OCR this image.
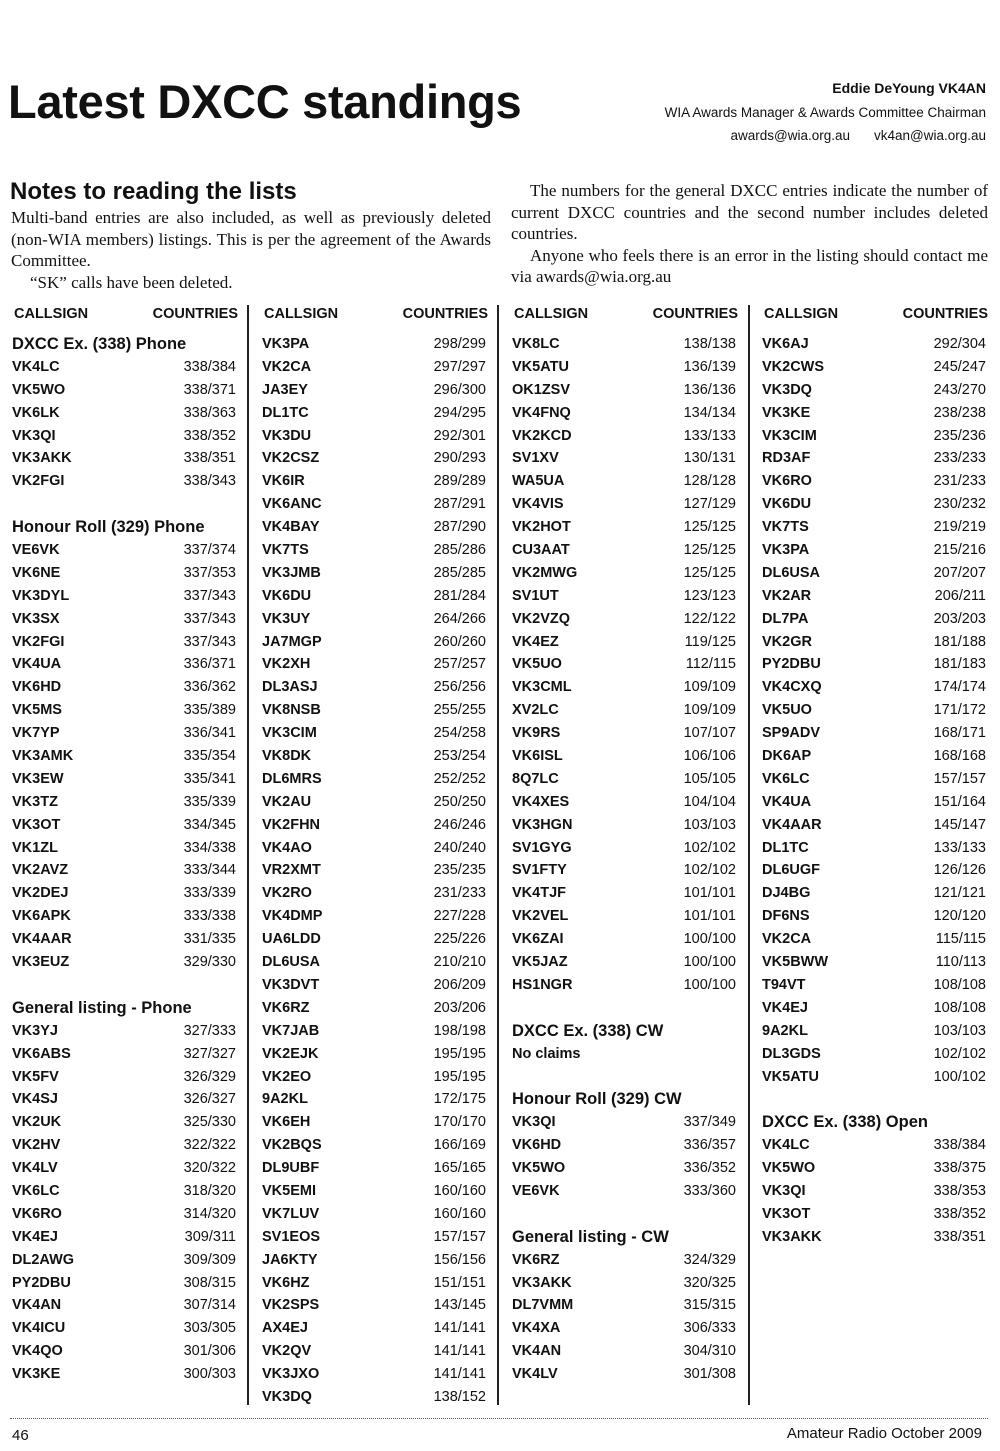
Latest DXCC standings	Eddie DeYoung VK4AN
WIA Awards Manager & Awards Committee Chairman
awards@wia.org.au vk4an@wia.org.au
Notes to reading the lists

Multi-band entries are also included, as well as previously deleted (non-WIA members) listings. This is per the agreement of the Awards Committee.

“SK” calls have been deleted.

The numbers for the general DXCC entries indicate the number of current DXCC countries and the second number includes deleted countries.

Anyone who feels there is an error in the listing should contact me via awards@wia.org.au

CALLSIGN	COUNTRIES
DXCC Ex. (338) Phone
VK4LC	338/384
VK5WO	338/371
VK6LK	338/363
VK3QI	338/352
VK3AKK	338/351
VK2FGI	338/343
Honour Roll (329) Phone
VE6VK	337/374
VK6NE	337/353
VK3DYL	337/343
VK3SX	337/343
VK2FGI	337/343
VK4UA	336/371
VK6HD	336/362
VK5MS	335/389
VK7YP	336/341
VK3AMK	335/354
VK3EW	335/341
VK3TZ	335/339
VK3OT	334/345
VK1ZL	334/338
VK2AVZ	333/344
VK2DEJ	333/339
VK6APK	333/338
VK4AAR	331/335
VK3EUZ	329/330
General listing - Phone
VK3YJ	327/333
VK6ABS	327/327
VK5FV	326/329
VK4SJ	326/327
VK2UK	325/330
VK2HV	322/322
VK4LV	320/322
VK6LC	318/320
VK6RO	314/320
VK4EJ	309/311
DL2AWG	309/309
PY2DBU	308/315
VK4AN	307/314
VK4ICU	303/305
VK4QO	301/306
VK3KE	300/303
CALLSIGN	COUNTRIES
VK3PA	298/299
VK2CA	297/297
JA3EY	296/300
DL1TC	294/295
VK3DU	292/301
VK2CSZ	290/293
VK6IR	289/289
VK6ANC	287/291
VK4BAY	287/290
VK7TS	285/286
VK3JMB	285/285
VK6DU	281/284
VK3UY	264/266
JA7MGP	260/260
VK2XH	257/257
DL3ASJ	256/256
VK8NSB	255/255
VK3CIM	254/258
VK8DK	253/254
DL6MRS	252/252
VK2AU	250/250
VK2FHN	246/246
VK4AO	240/240
VR2XMT	235/235
VK2RO	231/233
VK4DMP	227/228
UA6LDD	225/226
DL6USA	210/210
VK3DVT	206/209
VK6RZ	203/206
VK7JAB	198/198
VK2EJK	195/195
VK2EO	195/195
9A2KL	172/175
VK6EH	170/170
VK2BQS	166/169
DL9UBF	165/165
VK5EMI	160/160
VK7LUV	160/160
SV1EOS	157/157
JA6KTY	156/156
VK6HZ	151/151
VK2SPS	143/145
AX4EJ	141/141
VK2QV	141/141
VK3JXO	141/141
VK3DQ	138/152
CALLSIGN	COUNTRIES
VK8LC	138/138
VK5ATU	136/139
OK1ZSV	136/136
VK4FNQ	134/134
VK2KCD	133/133
SV1XV	130/131
WA5UA	128/128
VK4VIS	127/129
VK2HOT	125/125
CU3AAT	125/125
VK2MWG	125/125
SV1UT	123/123
VK2VZQ	122/122
VK4EZ	119/125
VK5UO	112/115
VK3CML	109/109
XV2LC	109/109
VK9RS	107/107
VK6ISL	106/106
8Q7LC	105/105
VK4XES	104/104
VK3HGN	103/103
SV1GYG	102/102
SV1FTY	102/102
VK4TJF	101/101
VK2VEL	101/101
VK6ZAI	100/100
VK5JAZ	100/100
HS1NGR	100/100
DXCC Ex. (338) CW
No claims
Honour Roll (329) CW
VK3QI	337/349
VK6HD	336/357
VK5WO	336/352
VE6VK	333/360
General listing - CW
VK6RZ	324/329
VK3AKK	320/325
DL7VMM	315/315
VK4XA	306/333
VK4AN	304/310
VK4LV	301/308
CALLSIGN	COUNTRIES
VK6AJ	292/304
VK2CWS	245/247
VK3DQ	243/270
VK3KE	238/238
VK3CIM	235/236
RD3AF	233/233
VK6RO	231/233
VK6DU	230/232
VK7TS	219/219
VK3PA	215/216
DL6USA	207/207
VK2AR	206/211
DL7PA	203/203
VK2GR	181/188
PY2DBU	181/183
VK4CXQ	174/174
VK5UO	171/172
SP9ADV	168/171
DK6AP	168/168
VK6LC	157/157
VK4UA	151/164
VK4AAR	145/147
DL1TC	133/133
DL6UGF	126/126
DJ4BG	121/121
DF6NS	120/120
VK2CA	115/115
VK5BWW	110/113
T94VT	108/108
VK4EJ	108/108
9A2KL	103/103
DL3GDS	102/102
VK5ATU	100/102
DXCC Ex. (338) Open
VK4LC	338/384
VK5WO	338/375
VK3QI	338/353
VK3OT	338/352
VK3AKK	338/351
46	Amateur Radio October 2009
